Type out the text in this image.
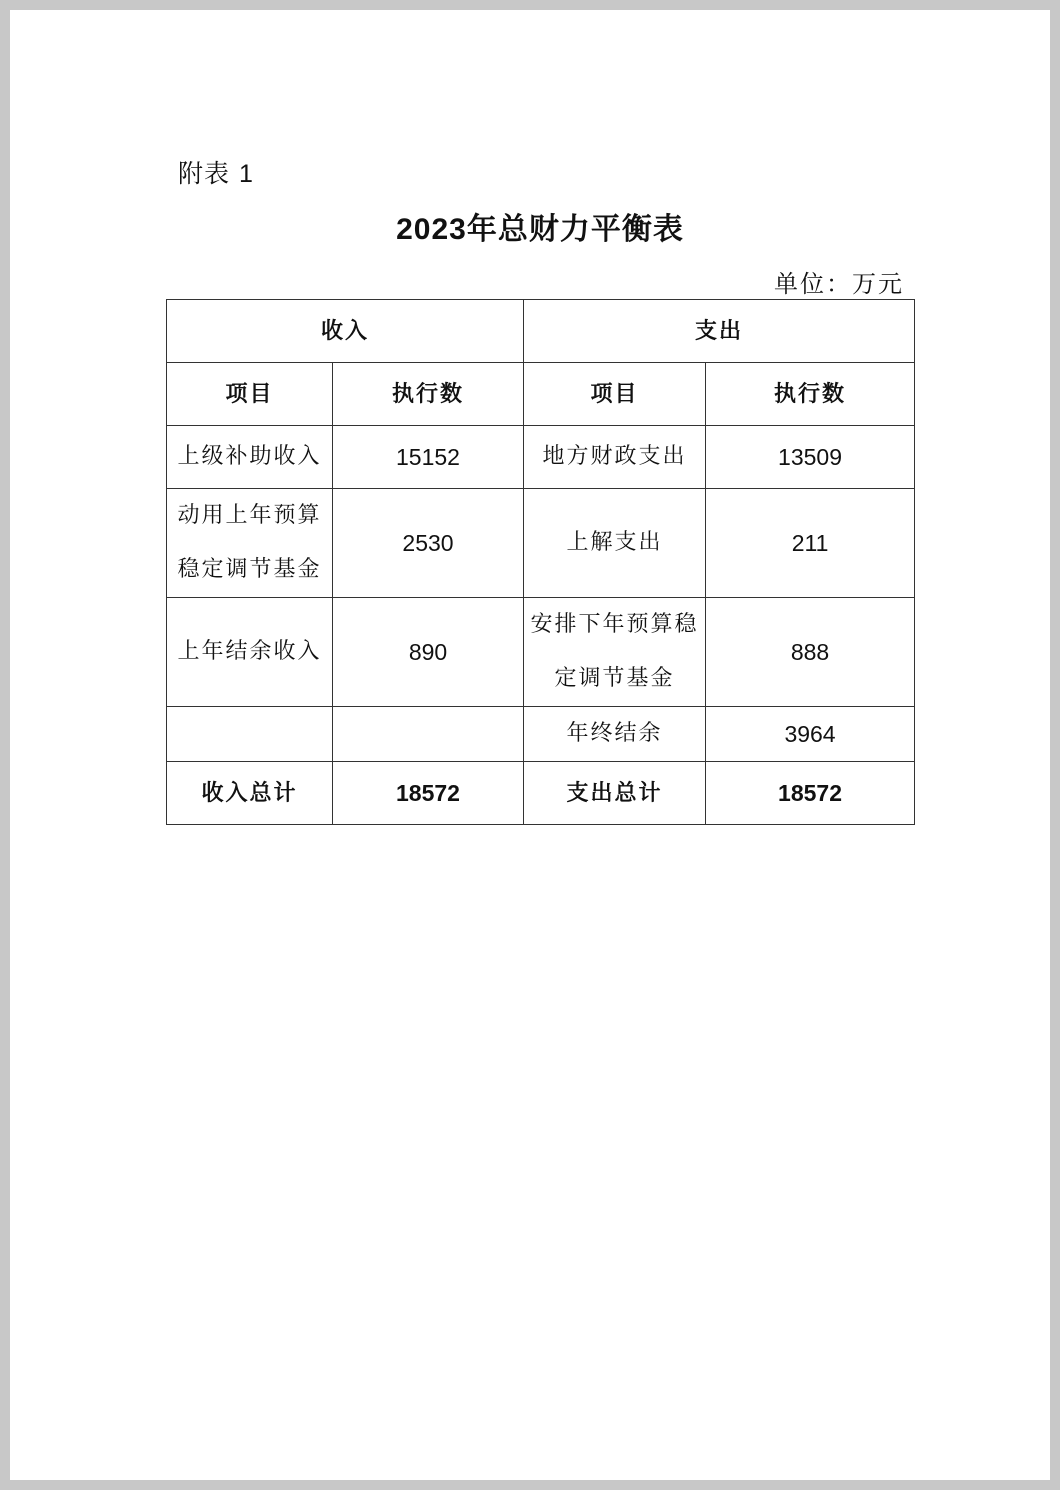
附表 1
2023年总财力平衡表
单位：万元
收入		支出	
项目	执行数	项目	执行数
上级补助收入	15152	地方财政支出	13509
动用上年预算稳定调节基金	2530	上解支出	211
上年结余收入	890	安排下年预算稳定调节基金	888
		年终结余	3964
收入总计	18572	支出总计	18572
